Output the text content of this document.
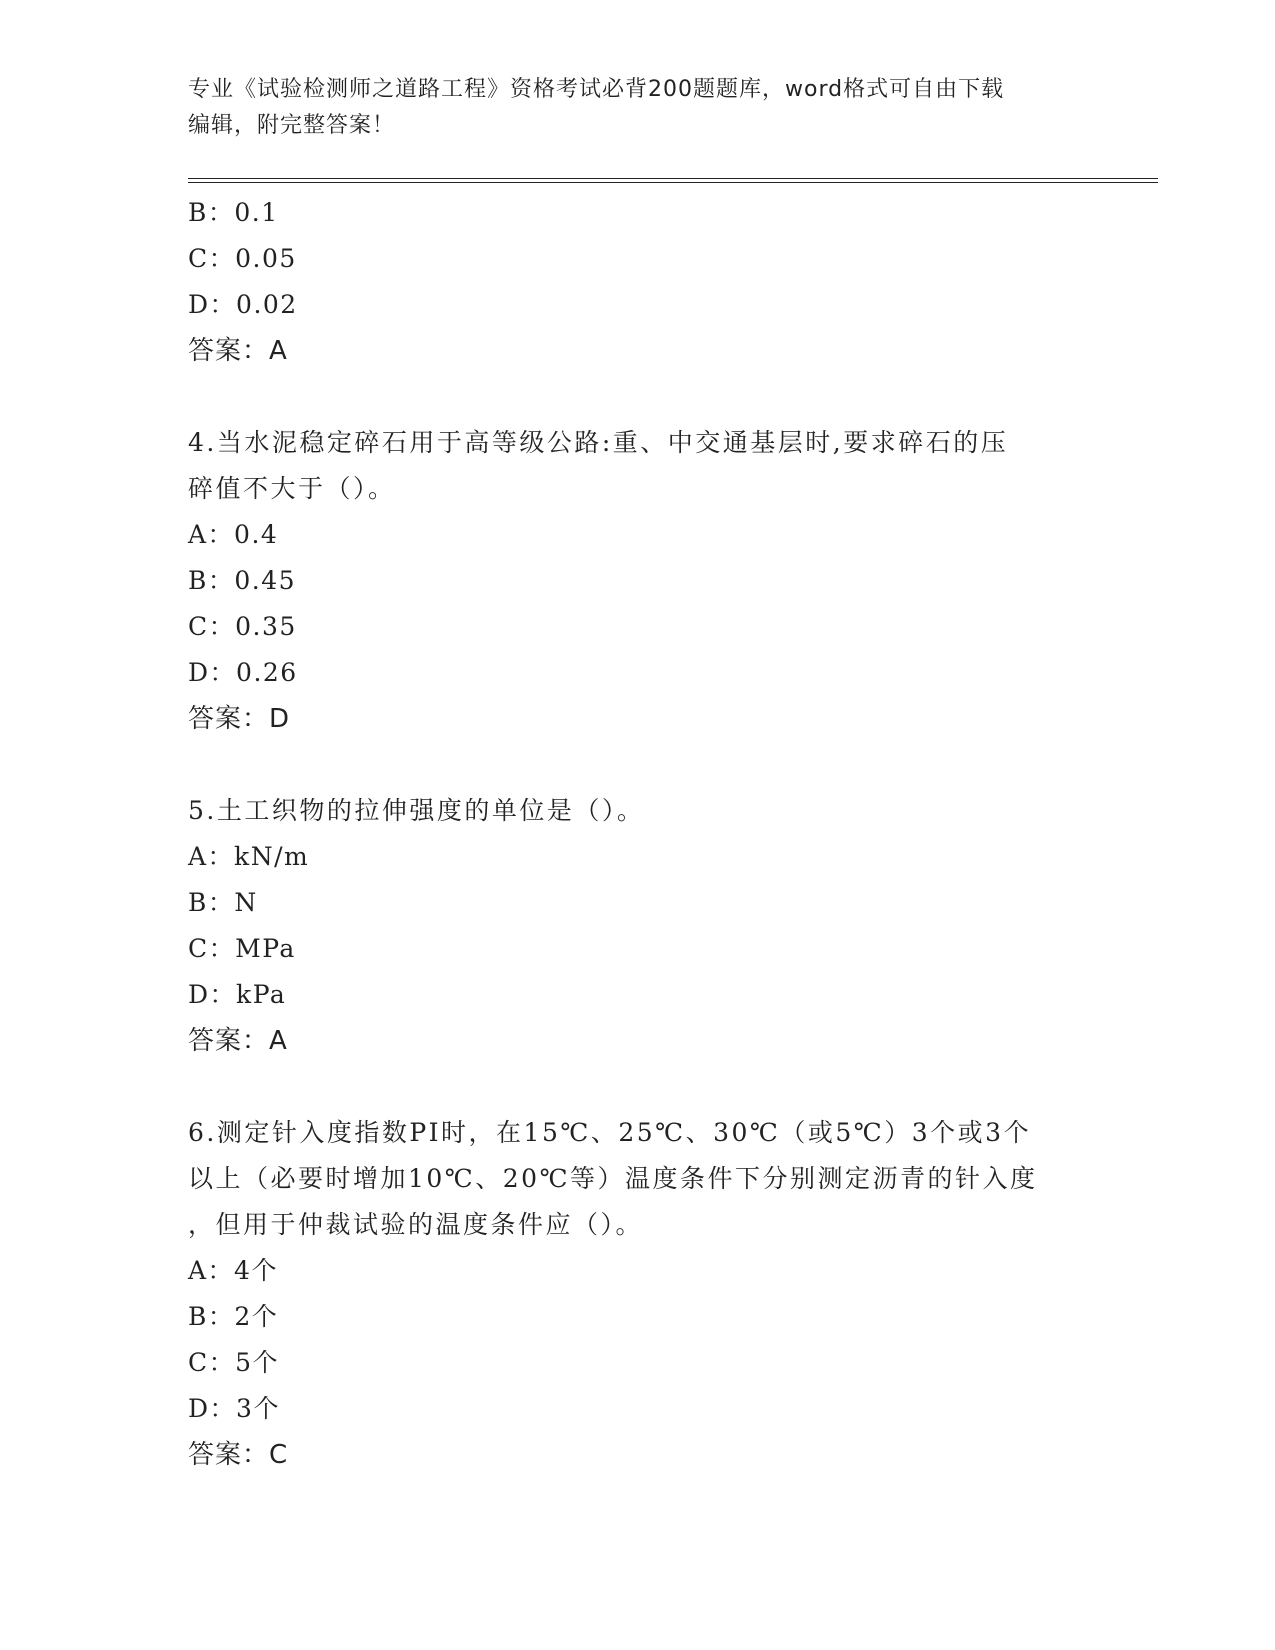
专业《试验检测师之道路工程》资格考试必背200题题库，word格式可自由下载
编辑，附完整答案！
B：0.1
C：0.05
D：0.02
答案：A
4.当水泥稳定碎石用于高等级公路:重、中交通基层时,要求碎石的压
碎值不大于（）。
A：0.4
B：0.45
C：0.35
D：0.26
答案：D
5.土工织物的拉伸强度的单位是（）。
A：kN/m
B：N
C：MPa
D：kPa
答案：A
6.测定针入度指数PI时，在15℃、25℃、30℃（或5℃）3个或3个
以上（必要时增加10℃、20℃等）温度条件下分别测定沥青的针入度
，但用于仲裁试验的温度条件应（）。
A：4个
B：2个
C：5个
D：3个
答案：C
